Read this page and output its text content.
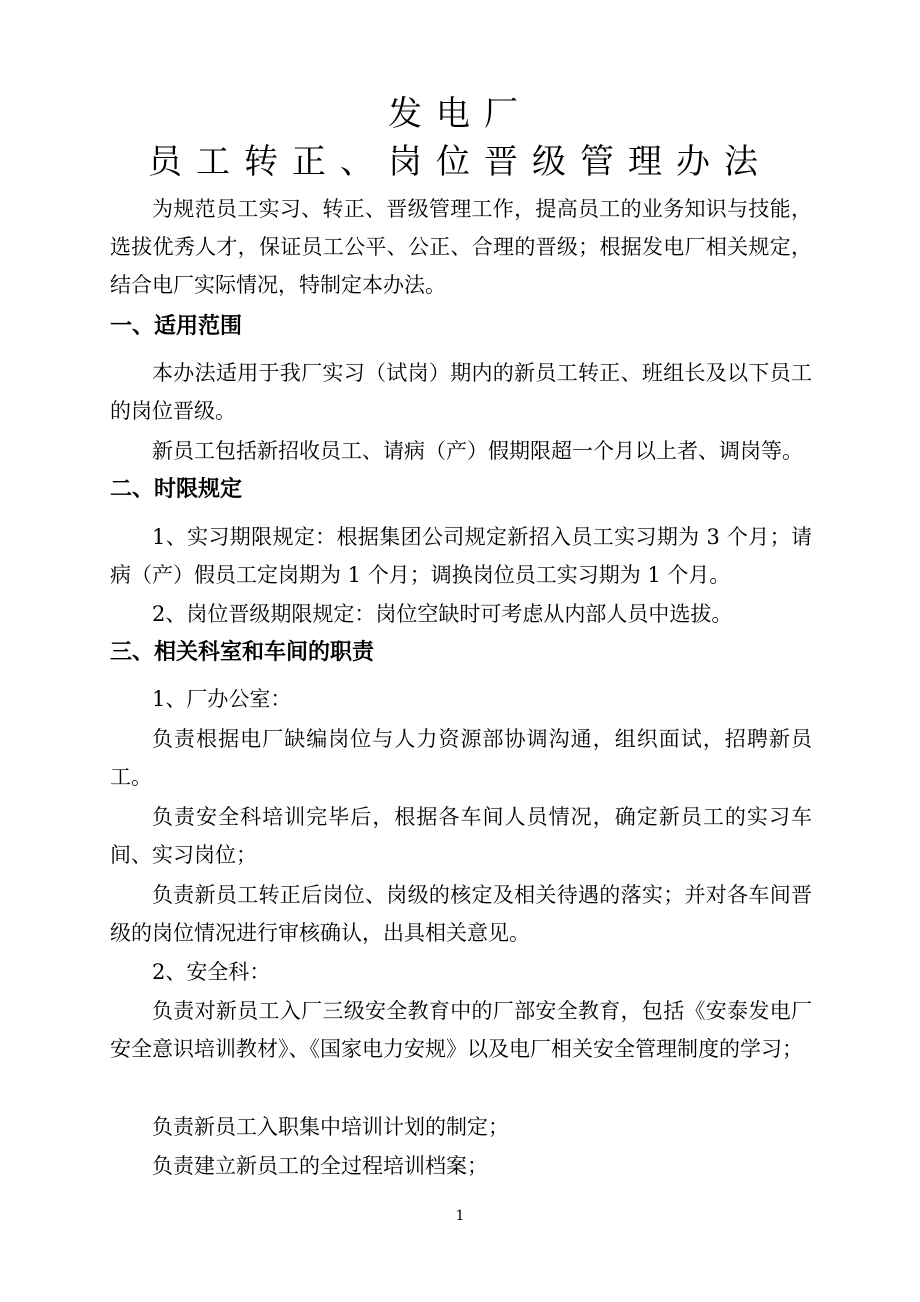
发电厂
员工转正、岗位晋级管理办法

为规范员工实习、转正、晋级管理工作，提高员工的业务知识与技能，选拔优秀人才，保证员工公平、公正、合理的晋级；根据发电厂相关规定，结合电厂实际情况，特制定本办法。

一、适用范围

本办法适用于我厂实习（试岗）期内的新员工转正、班组长及以下员工的岗位晋级。

新员工包括新招收员工、请病（产）假期限超一个月以上者、调岗等。

二、时限规定

1、实习期限规定：根据集团公司规定新招入员工实习期为 3 个月；请病（产）假员工定岗期为 1 个月；调换岗位员工实习期为 1 个月。

2、岗位晋级期限规定：岗位空缺时可考虑从内部人员中选拔。

三、相关科室和车间的职责

1、厂办公室：

负责根据电厂缺编岗位与人力资源部协调沟通，组织面试，招聘新员工。

负责安全科培训完毕后，根据各车间人员情况，确定新员工的实习车间、实习岗位；

负责新员工转正后岗位、岗级的核定及相关待遇的落实；并对各车间晋级的岗位情况进行审核确认，出具相关意见。

2、安全科：

负责对新员工入厂三级安全教育中的厂部安全教育，包括《安泰发电厂安全意识培训教材》、《国家电力安规》以及电厂相关安全管理制度的学习；

负责新员工入职集中培训计划的制定；

负责建立新员工的全过程培训档案；

1
